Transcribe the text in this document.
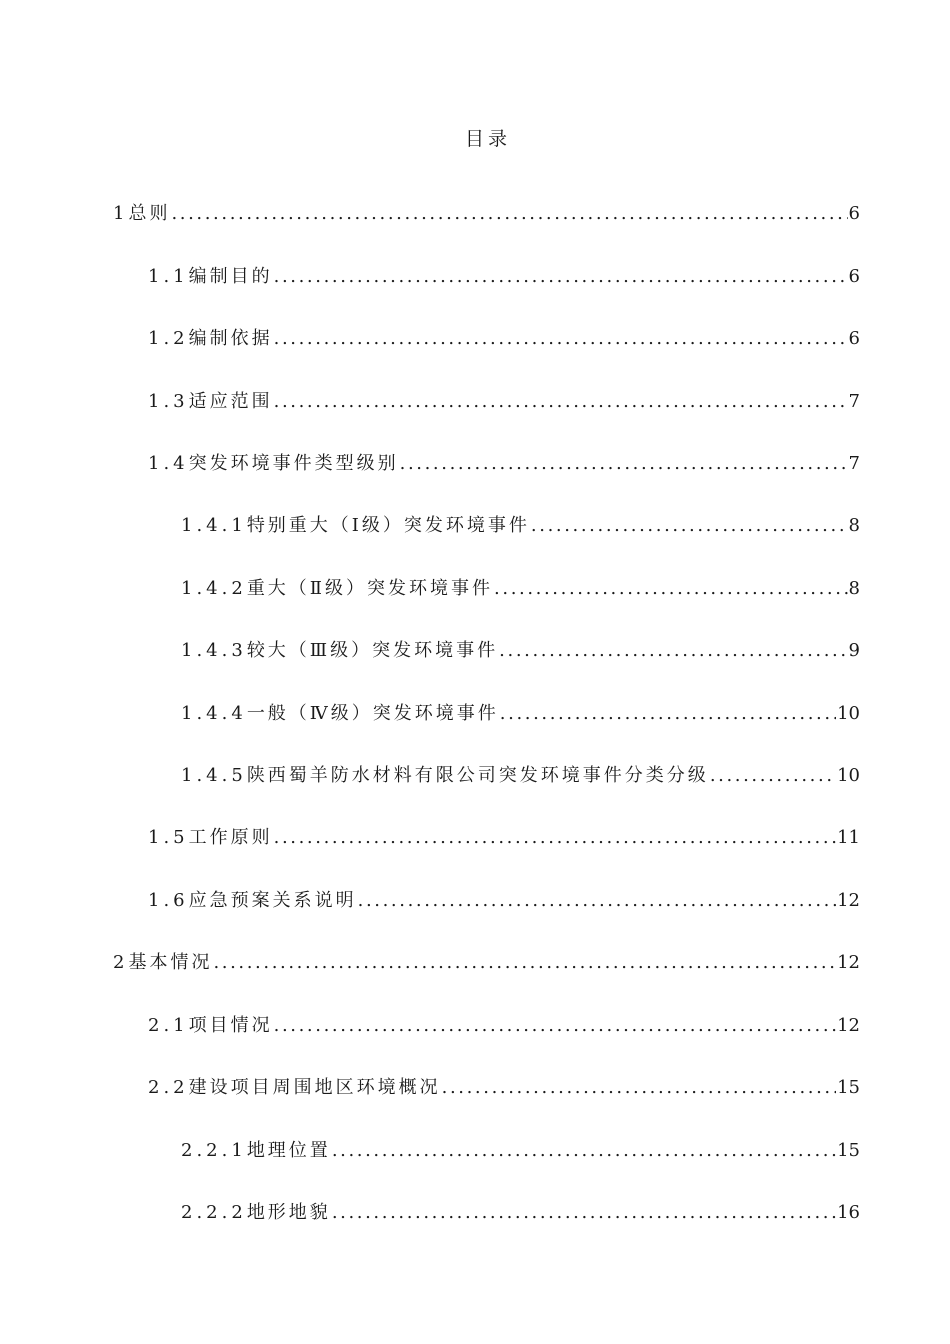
目录
1 总则 .....	6
1.1 编制目的 .....	6
1.2 编制依据 .....	6
1.3 适应范围 .....	7
1.4 突发环境事件类型级别 .....	7
1.4.1 特别重大（Ⅰ级）突发环境事件 .....	8
1.4.2 重大（Ⅱ级）突发环境事件 .....	8
1.4.3 较大（Ⅲ级）突发环境事件 .....	9
1.4.4 一般（Ⅳ级）突发环境事件 .....	10
1.4.5 陕西蜀羊防水材料有限公司突发环境事件分类分级 .....	10
1.5 工作原则 .....	11
1.6 应急预案关系说明 .....	12
2 基本情况 .....	12
2.1 项目情况 .....	12
2.2 建设项目周围地区环境概况 .....	15
2.2.1 地理位置 .....	15
2.2.2 地形地貌 .....	16
